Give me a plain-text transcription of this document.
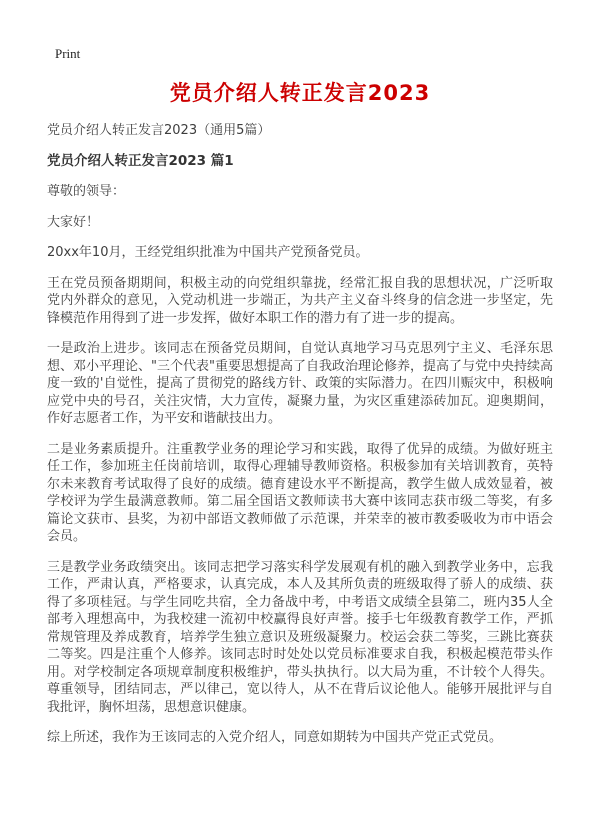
Print
党员介绍人转正发言2023
党员介绍人转正发言2023（通用5篇）
党员介绍人转正发言2023 篇1

尊敬的领导：

大家好！

20xx年10月，王经党组织批准为中国共产党预备党员。

王在党员预备期期间，积极主动的向党组织靠拢，经常汇报自我的思想状况，广泛听取党内外群众的意见，入党动机进一步端正，为共产主义奋斗终身的信念进一步坚定，先锋模范作用得到了进一步发挥，做好本职工作的潜力有了进一步的提高。

一是政治上进步。该同志在预备党员期间，自觉认真地学习马克思列宁主义、毛泽东思想、邓小平理论、"三个代表"重要思想提高了自我政治理论修养，提高了与党中央持续高度一致的'自觉性，提高了贯彻党的路线方针、政策的实际潜力。在四川赈灾中，积极响应党中央的号召，关注灾情，大力宣传，凝聚力量，为灾区重建添砖加瓦。迎奥期间，作好志愿者工作，为平安和谐献技出力。

二是业务素质提升。注重教学业务的理论学习和实践，取得了优异的成绩。为做好班主任工作，参加班主任岗前培训，取得心理辅导教师资格。积极参加有关培训教育，英特尔未来教育考试取得了良好的成绩。德育建设水平不断提高，教学生做人成效显着，被学校评为学生最满意教师。第二届全国语文教师读书大赛中该同志获市级二等奖，有多篇论文获市、县奖，为初中部语文教师做了示范课，并荣幸的被市教委吸收为市中语会会员。

三是教学业务政绩突出。该同志把学习落实科学发展观有机的融入到教学业务中，忘我工作，严肃认真，严格要求，认真完成，本人及其所负责的班级取得了骄人的成绩、获得了多项桂冠。与学生同吃共宿，全力备战中考，中考语文成绩全县第二，班内35人全部考入理想高中，为我校建一流初中校赢得良好声誉。接手七年级教育教学工作，严抓常规管理及养成教育，培养学生独立意识及班级凝聚力。校运会获二等奖，三跳比赛获二等奖。四是注重个人修养。该同志时时处处以党员标准要求自我，积极起模范带头作用。对学校制定各项规章制度积极维护，带头执执行。以大局为重，不计较个人得失。尊重领导，团结同志，严以律己，宽以待人，从不在背后议论他人。能够开展批评与自我批评，胸怀坦荡，思想意识健康。

综上所述，我作为王该同志的入党介绍人，同意如期转为中国共产党正式党员。
